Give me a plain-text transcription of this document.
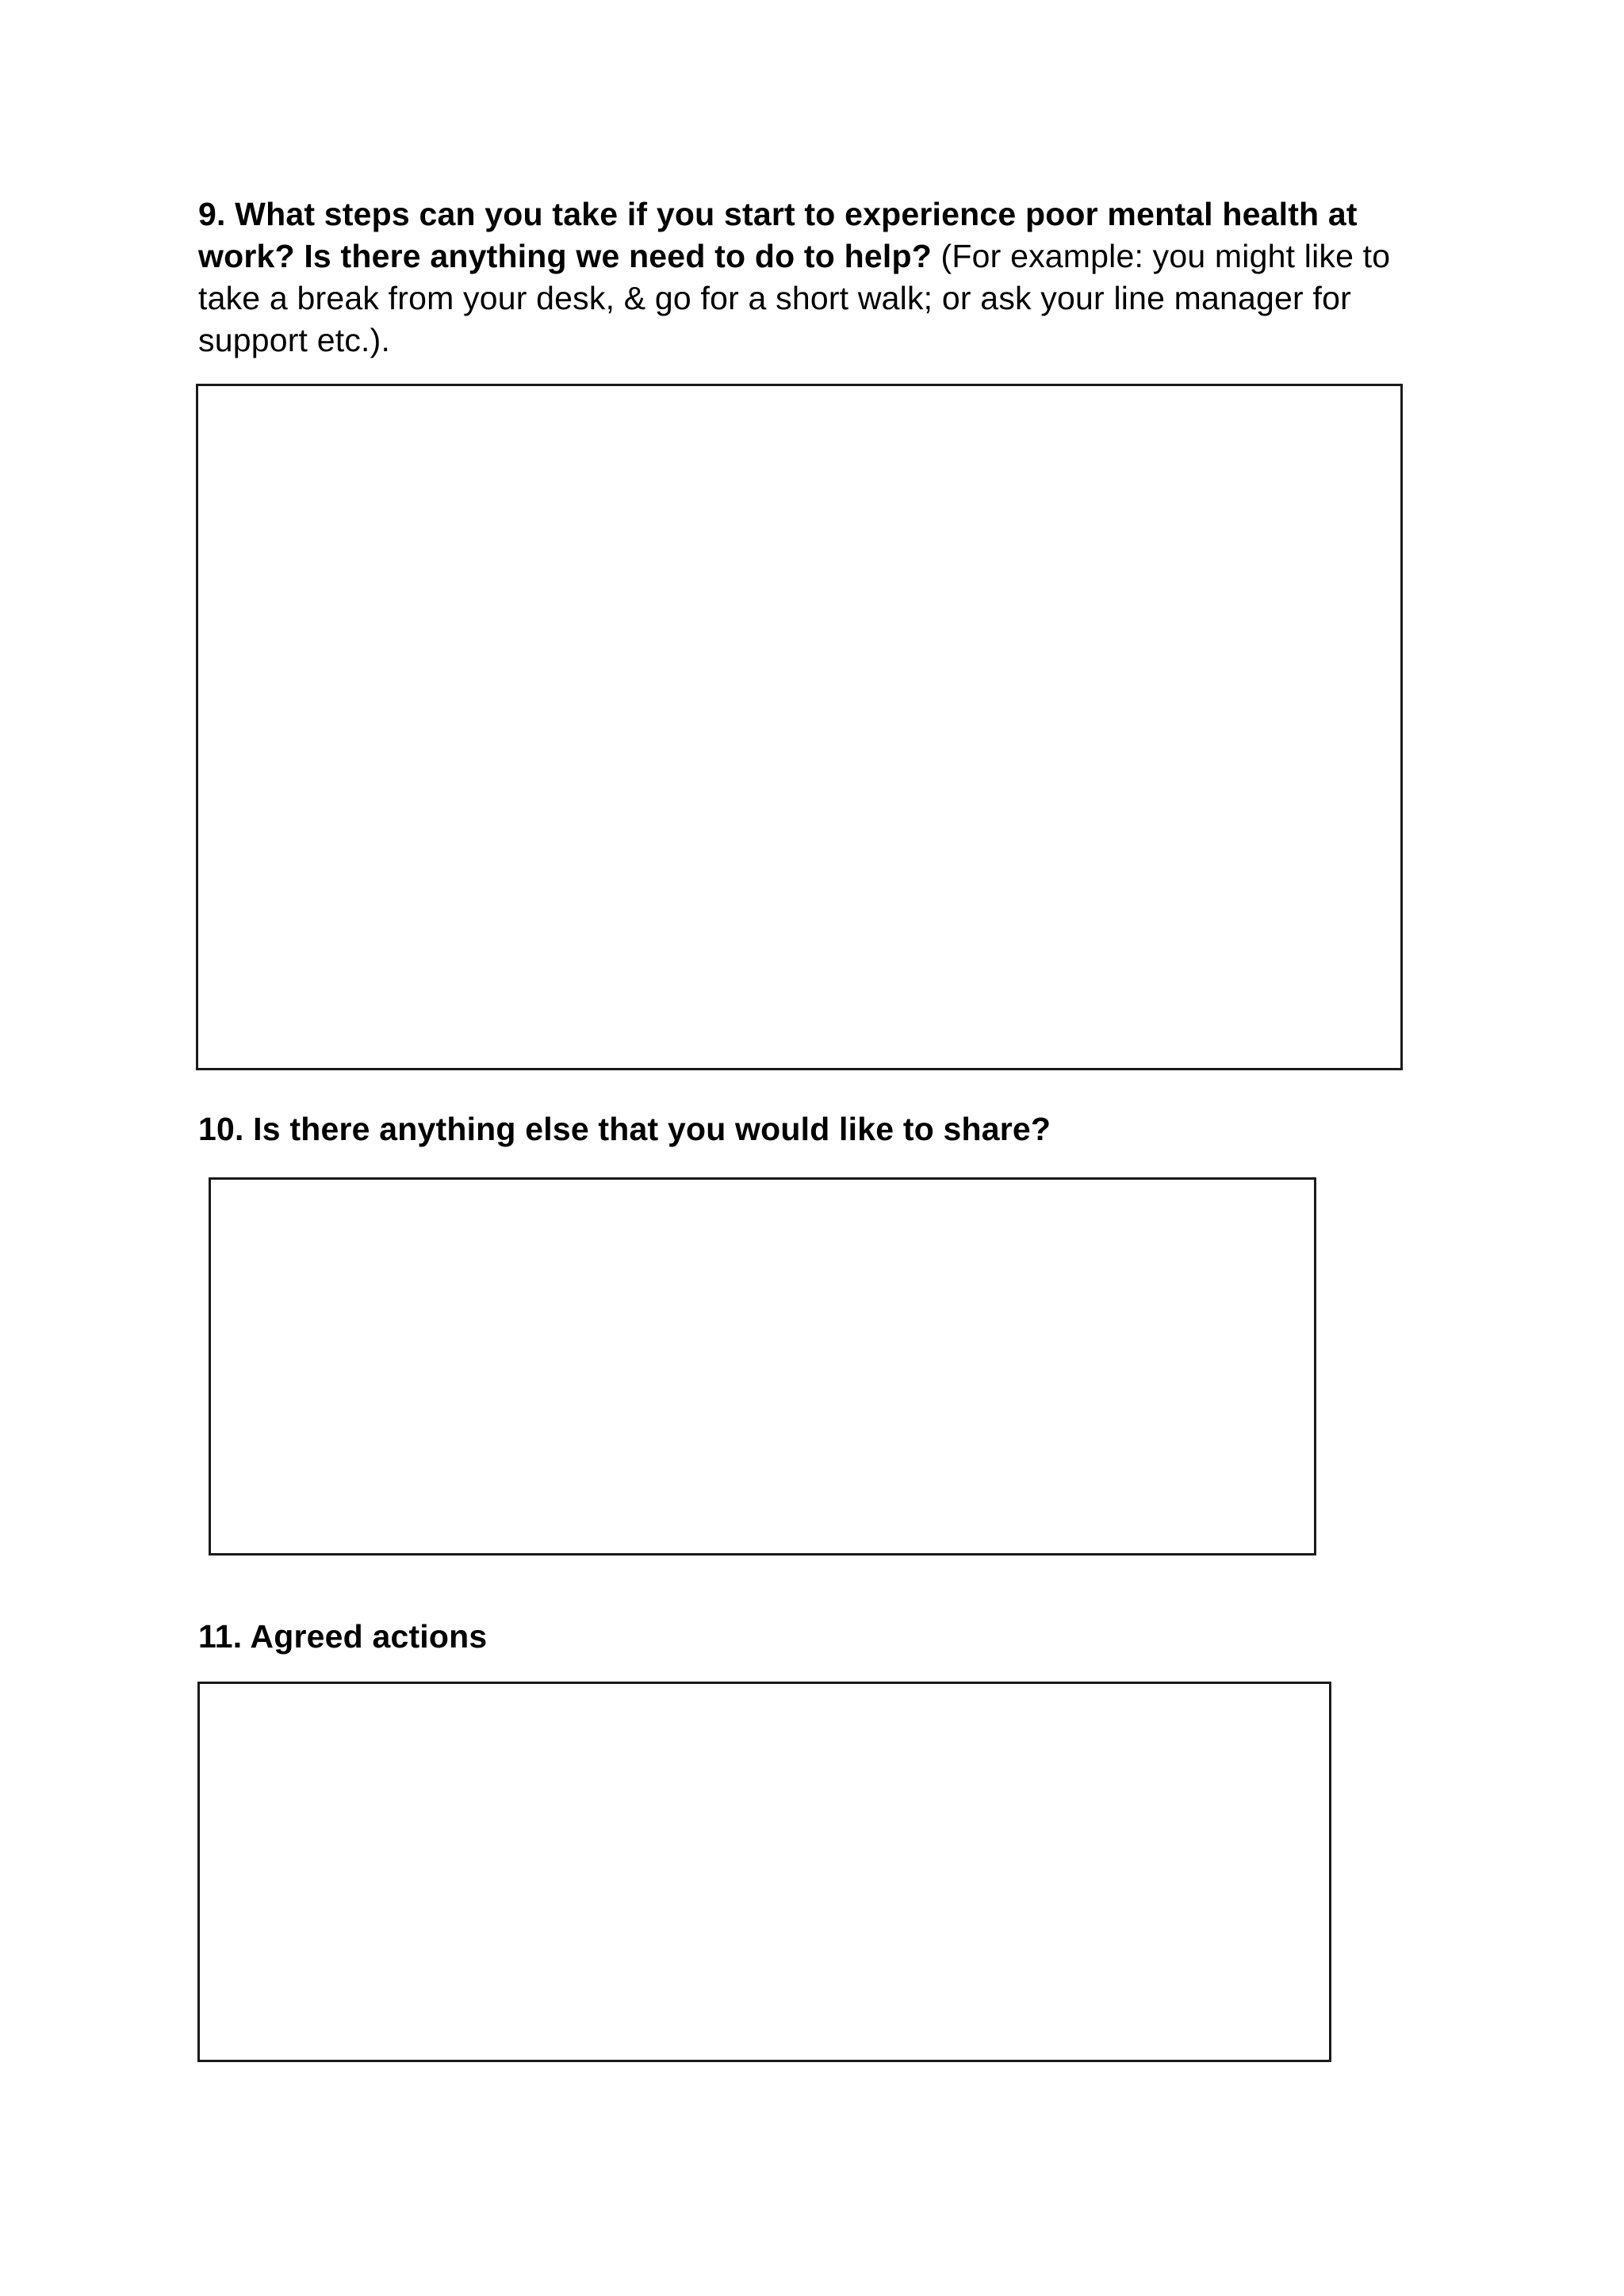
9. What steps can you take if you start to experience poor mental health at work? Is there anything we need to do to help? (For example: you might like to take a break from your desk, & go for a short walk; or ask your line manager for support etc.).

10. Is there anything else that you would like to share?

11. Agreed actions
